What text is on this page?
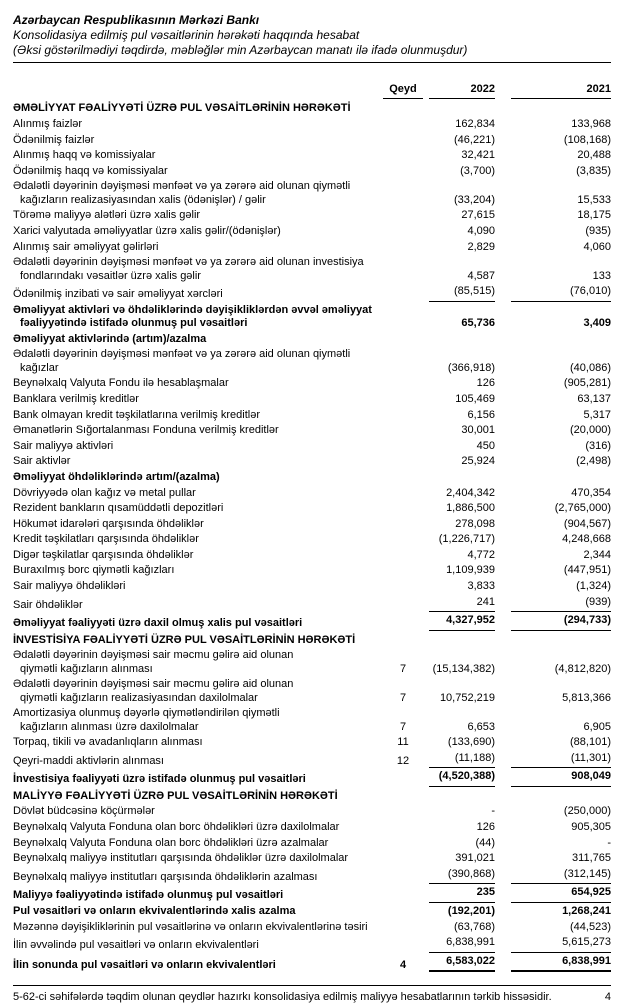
Azərbaycan Respublikasının Mərkəzi Bankı
Konsolidasiya edilmiş pul vəsaitlərinin hərəkəti haqqında hesabat
(Əksi göstərilmədiyi təqdirdə, məbləğlər min Azərbaycan manatı ilə ifadə olunmuşdur)
Qeyd	2022	2021
ƏMƏLİYYAT FƏALİYYƏTİ ÜZRƏ PUL VƏSAİTLƏRİNİN HƏRƏKƏTİ
Alınmış faizlər	162,834	133,968
Ödənilmiş faizlər	(46,221)	(108,168)
Alınmış haqq və komissiyalar	32,421	20,488
Ödənilmiş haqq və komissiyalar	(3,700)	(3,835)
Ədalətli dəyərinin dəyişməsi mənfəət və ya zərərə aid olunan qiymətli
kağızların realizasiyasından xalis (ödənişlər) / gəlir	(33,204)	15,533
Törəmə maliyyə alətləri üzrə xalis gəlir	27,615	18,175
Xarici valyutada əməliyyatlar üzrə xalis gəlir/(ödənişlər)	4,090	(935)
Alınmış sair əməliyyat gəlirləri	2,829	4,060
Ədalətli dəyərinin dəyişməsi mənfəət və ya zərərə aid olunan investisiya
fondlarındakı vəsaitlər üzrə xalis gəlir	4,587	133
Ödənilmiş inzibati və sair əməliyyat xərcləri	(85,515)	(76,010)
Əməliyyat aktivləri və öhdəliklərində dəyişikliklərdən əvvəl əməliyyat
fəaliyyətində istifadə olunmuş pul vəsaitləri	65,736	3,409
Əməliyyat aktivlərində (artım)/azalma
Ədalətli dəyərinin dəyişməsi mənfəət və ya zərərə aid olunan qiymətli kağızlar	(366,918)	(40,086)
Beynəlxalq Valyuta Fondu ilə hesablaşmalar	126	(905,281)
Banklara verilmiş kreditlər	105,469	63,137
Bank olmayan kredit təşkilatlarına verilmiş kreditlər	6,156	5,317
Əmanətlərin Sığortalanması Fonduna verilmiş kreditlər	30,001	(20,000)
Sair maliyyə aktivləri	450	(316)
Sair aktivlər	25,924	(2,498)
Əməliyyat öhdəliklərində artım/(azalma)
Dövriyyədə olan kağız və metal pullar	2,404,342	470,354
Rezident bankların qısamüddətli depozitləri	1,886,500	(2,765,000)
Hökumət idarələri qarşısında öhdəliklər	278,098	(904,567)
Kredit təşkilatları qarşısında öhdəliklər	(1,226,717)	4,248,668
Digər təşkilatlar qarşısında öhdəliklər	4,772	2,344
Buraxılmış borc qiymətli kağızları	1,109,939	(447,951)
Sair maliyyə öhdəlikləri	3,833	(1,324)
Sair öhdəliklər	241	(939)
Əməliyyat fəaliyyəti üzrə daxil olmuş xalis pul vəsaitləri	4,327,952	(294,733)
İNVESTİSİYA FƏALİYYƏTİ ÜZRƏ PUL VƏSAİTLƏRİNİN HƏRƏKƏTİ
Ədalətli dəyərinin dəyişməsi sair məcmu gəlirə aid olunan
qiymətli kağızların alınması	7	(15,134,382)	(4,812,820)
Ədalətli dəyərinin dəyişməsi sair məcmu gəlirə aid olunan
qiymətli kağızların realizasiyasından daxilolmalar	7	10,752,219	5,813,366
Amortizasiya olunmuş dəyərlə qiymətləndirilən qiymətli
kağızların alınması üzrə daxilolmalar	7	6,653	6,905
Torpaq, tikili və avadanlıqların alınması	11	(133,690)	(88,101)
Qeyri-maddi aktivlərin alınması	12	(11,188)	(11,301)
İnvestisiya fəaliyyəti üzrə istifadə olunmuş pul vəsaitləri	(4,520,388)	908,049
MALİYYƏ FƏALİYYƏTİ ÜZRƏ PUL VƏSAİTLƏRİNİN HƏRƏKƏTİ
Dövlət büdcəsinə köçürmələr	-	(250,000)
Beynəlxalq Valyuta Fonduna olan borc öhdəlikləri üzrə daxilolmalar	126	905,305
Beynəlxalq Valyuta Fonduna olan borc öhdəlikləri üzrə azalmalar	(44)	-
Beynəlxalq maliyyə institutları qarşısında öhdəliklər üzrə daxilolmalar	391,021	311,765
Beynəlxalq maliyyə institutları qarşısında öhdəliklərin azalması	(390,868)	(312,145)
Maliyyə fəaliyyətində istifadə olunmuş pul vəsaitləri	235	654,925
Pul vəsaitləri və onların ekvivalentlərində xalis azalma	(192,201)	1,268,241
Məzənnə dəyişikliklərinin pul vəsaitlərinə və onların ekvivalentlərinə təsiri	(63,768)	(44,523)
İlin əvvəlində pul vəsaitləri və onların ekvivalentləri	6,838,991	5,615,273
İlin sonunda pul vəsaitləri və onların ekvivalentləri	4	6,583,022	6,838,991
5-62-ci səhifələrdə təqdim olunan qeydlər hazırkı konsolidasiya edilmiş maliyyə hesabatlarının tərkib hissəsidir.	4
